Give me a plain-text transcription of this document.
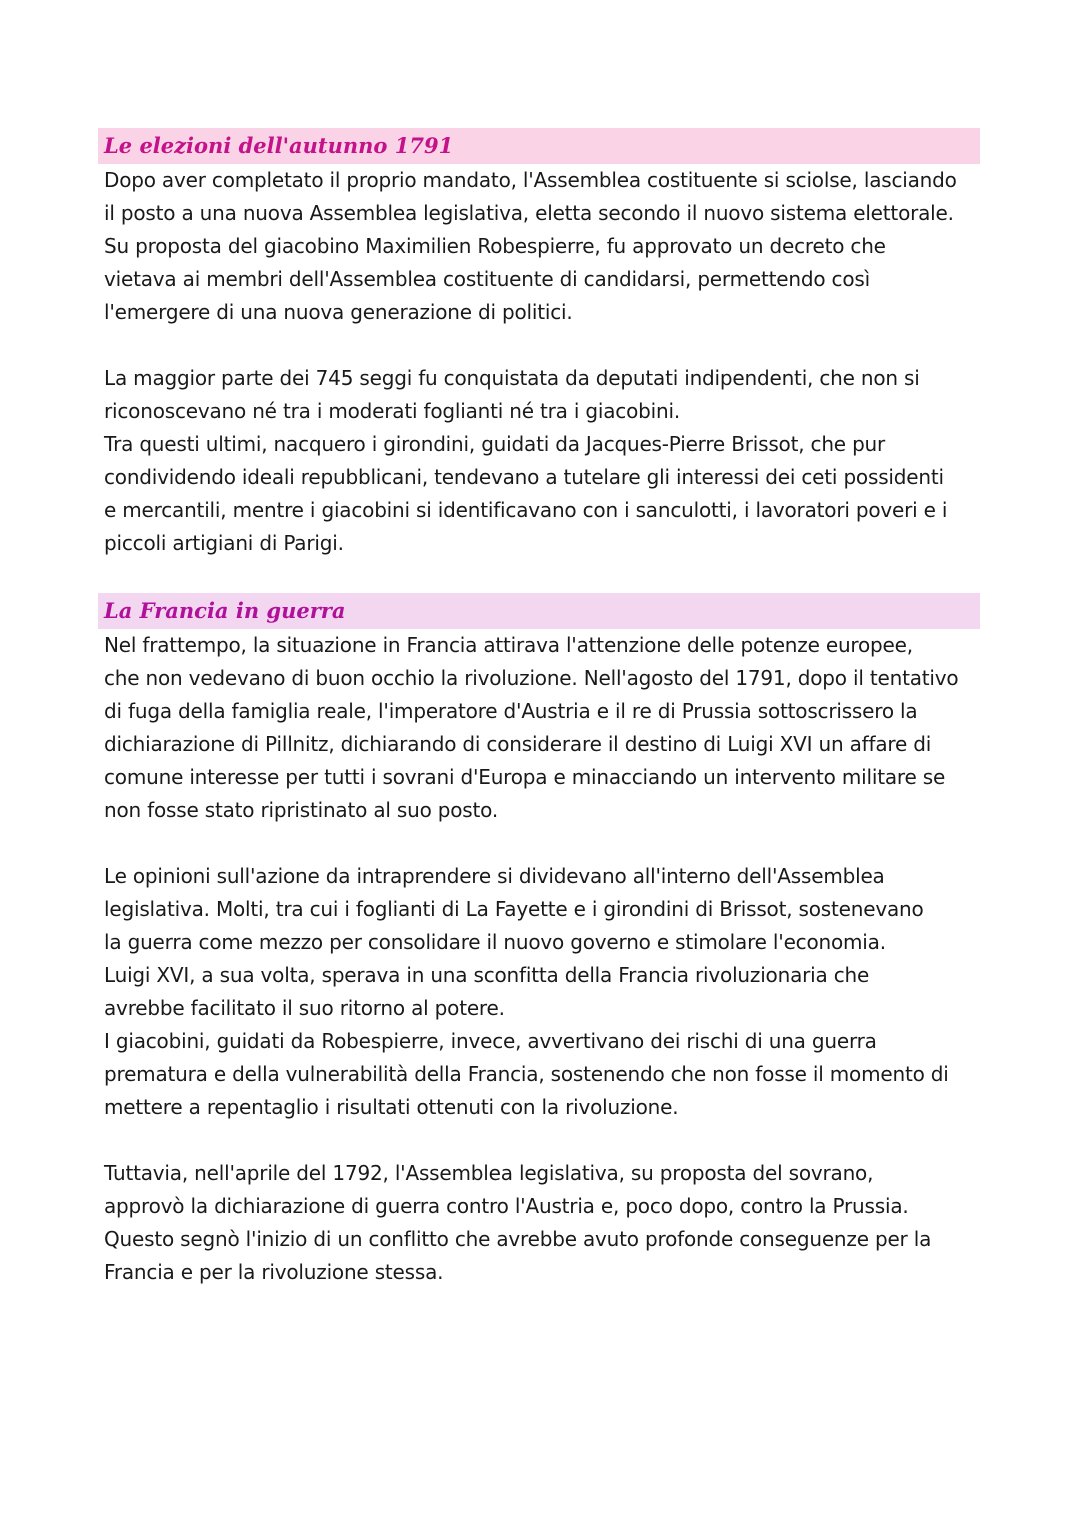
Le elezioni dell'autunno 1791

Dopo aver completato il proprio mandato, l'Assemblea costituente si sciolse, lasciando
il posto a una nuova Assemblea legislativa, eletta secondo il nuovo sistema elettorale.
Su proposta del giacobino Maximilien Robespierre, fu approvato un decreto che
vietava ai membri dell'Assemblea costituente di candidarsi, permettendo così
l'emergere di una nuova generazione di politici.

La maggior parte dei 745 seggi fu conquistata da deputati indipendenti, che non si
riconoscevano né tra i moderati foglianti né tra i giacobini.
Tra questi ultimi, nacquero i girondini, guidati da Jacques-Pierre Brissot, che pur
condividendo ideali repubblicani, tendevano a tutelare gli interessi dei ceti possidenti
e mercantili, mentre i giacobini si identificavano con i sanculotti, i lavoratori poveri e i
piccoli artigiani di Parigi.

La Francia in guerra

Nel frattempo, la situazione in Francia attirava l'attenzione delle potenze europee,
che non vedevano di buon occhio la rivoluzione. Nell'agosto del 1791, dopo il tentativo
di fuga della famiglia reale, l'imperatore d'Austria e il re di Prussia sottoscrissero la
dichiarazione di Pillnitz, dichiarando di considerare il destino di Luigi XVI un affare di
comune interesse per tutti i sovrani d'Europa e minacciando un intervento militare se
non fosse stato ripristinato al suo posto.

Le opinioni sull'azione da intraprendere si dividevano all'interno dell'Assemblea
legislativa. Molti, tra cui i foglianti di La Fayette e i girondini di Brissot, sostenevano
la guerra come mezzo per consolidare il nuovo governo e stimolare l'economia.
Luigi XVI, a sua volta, sperava in una sconfitta della Francia rivoluzionaria che
avrebbe facilitato il suo ritorno al potere.
I giacobini, guidati da Robespierre, invece, avvertivano dei rischi di una guerra
prematura e della vulnerabilità della Francia, sostenendo che non fosse il momento di
mettere a repentaglio i risultati ottenuti con la rivoluzione.

Tuttavia, nell'aprile del 1792, l'Assemblea legislativa, su proposta del sovrano,
approvò la dichiarazione di guerra contro l'Austria e, poco dopo, contro la Prussia.
Questo segnò l'inizio di un conflitto che avrebbe avuto profonde conseguenze per la
Francia e per la rivoluzione stessa.
